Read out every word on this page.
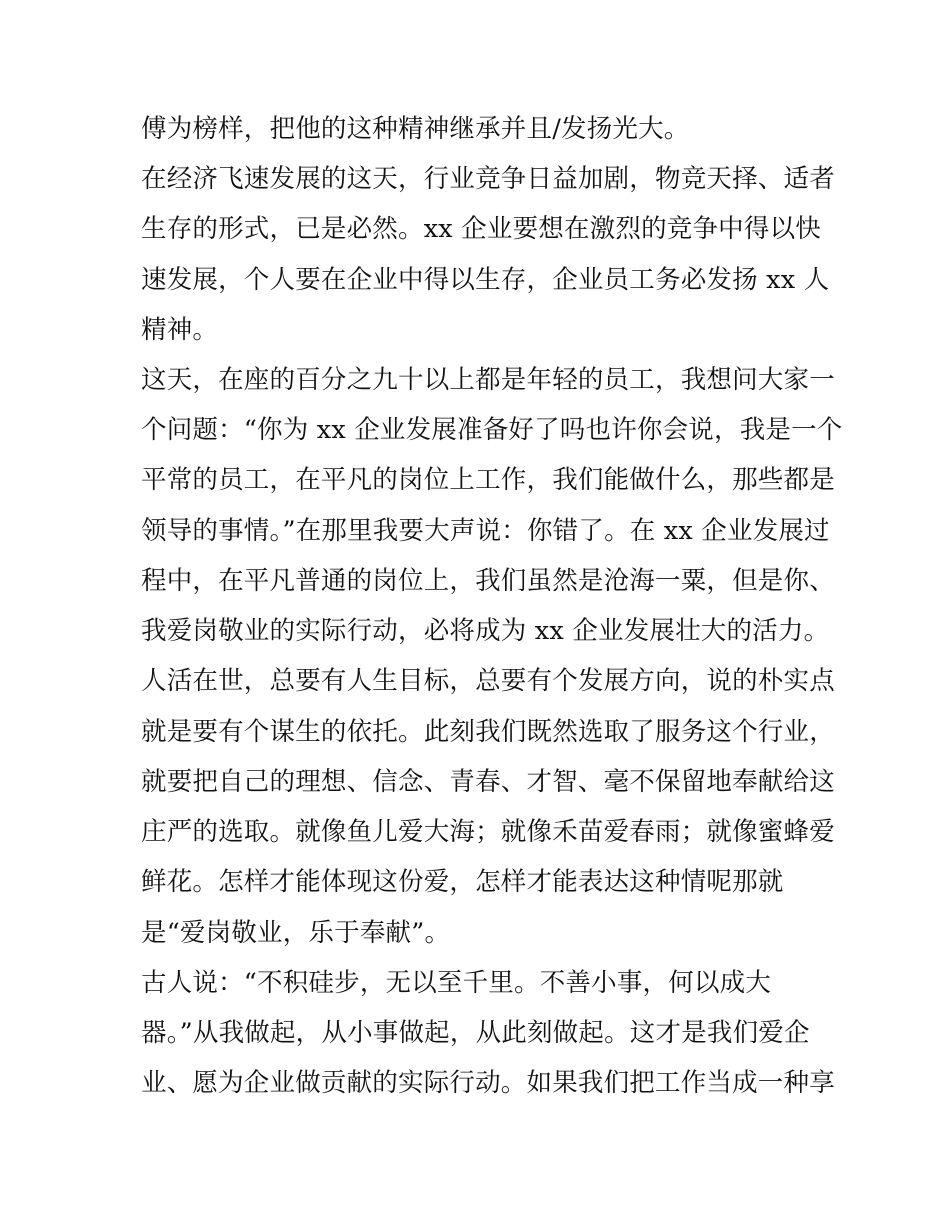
傅为榜样，把他的这种精神继承并且/发扬光大。
在经济飞速发展的这天，行业竞争日益加剧，物竞天择、适者
生存的形式，已是必然。xx 企业要想在激烈的竞争中得以快
速发展，个人要在企业中得以生存，企业员工务必发扬 xx 人
精神。
这天，在座的百分之九十以上都是年轻的员工，我想问大家一
个问题：“你为 xx 企业发展准备好了吗也许你会说，我是一个
平常的员工，在平凡的岗位上工作，我们能做什么，那些都是
领导的事情。”在那里我要大声说：你错了。在 xx 企业发展过
程中，在平凡普通的岗位上，我们虽然是沧海一粟，但是你、
我爱岗敬业的实际行动，必将成为 xx 企业发展壮大的活力。
人活在世，总要有人生目标，总要有个发展方向，说的朴实点
就是要有个谋生的依托。此刻我们既然选取了服务这个行业，
就要把自己的理想、信念、青春、才智、毫不保留地奉献给这
庄严的选取。就像鱼儿爱大海；就像禾苗爱春雨；就像蜜蜂爱
鲜花。怎样才能体现这份爱，怎样才能表达这种情呢那就
是“爱岗敬业，乐于奉献”。
古人说：“不积硅步，无以至千里。不善小事，何以成大
器。”从我做起，从小事做起，从此刻做起。这才是我们爱企
业、愿为企业做贡献的实际行动。如果我们把工作当成一种享
